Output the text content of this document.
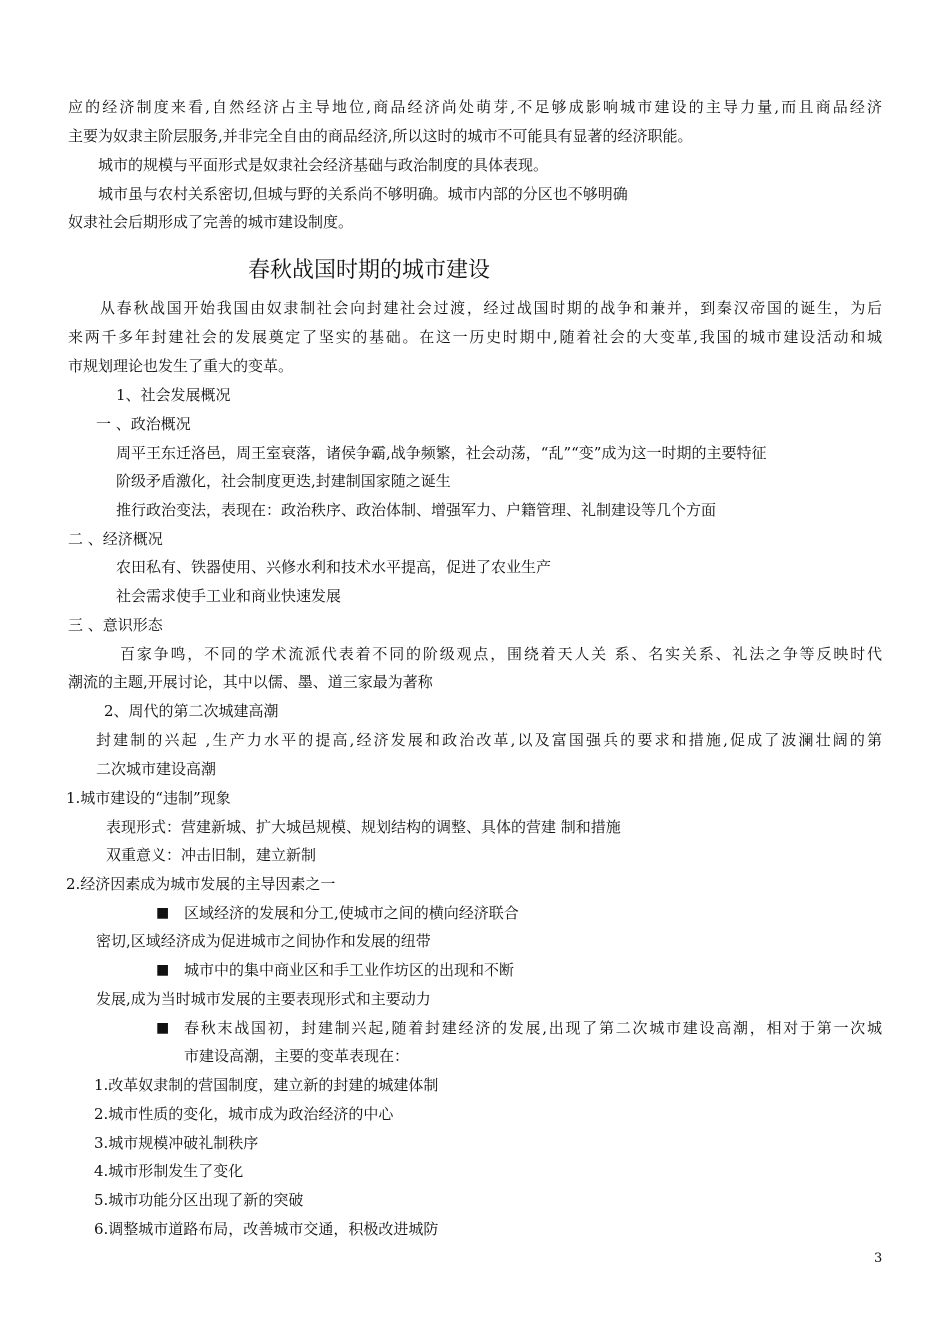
应的经济制度来看,自然经济占主导地位,商品经济尚处萌芽,不足够成影响城市建设的主导力量,而且商品经济
主要为奴隶主阶层服务,并非完全自由的商品经济,所以这时的城市不可能具有显著的经济职能。
城市的规模与平面形式是奴隶社会经济基础与政治制度的具体表现。
城市虽与农村关系密切,但城与野的关系尚不够明确。城市内部的分区也不够明确
奴隶社会后期形成了完善的城市建设制度。
春秋战国时期的城市建设
从春秋战国开始我国由奴隶制社会向封建社会过渡，经过战国时期的战争和兼并，到秦汉帝国的诞生，为后
来两千多年封建社会的发展奠定了坚实的基础。在这一历史时期中,随着社会的大变革,我国的城市建设活动和城
市规划理论也发生了重大的变革。
1、社会发展概况
一 、政治概况
周平王东迁洛邑，周王室衰落，诸侯争霸,战争频繁，社会动荡，“乱”“变”成为这一时期的主要特征
阶级矛盾激化，社会制度更迭,封建制国家随之诞生
推行政治变法，表现在：政治秩序、政治体制、增强军力、户籍管理、礼制建设等几个方面
二 、经济概况
农田私有、铁器使用、兴修水利和技术水平提高，促进了农业生产
社会需求使手工业和商业快速发展
三 、意识形态
百家争鸣，不同的学术流派代表着不同的阶级观点，围绕着天人关 系、名实关系、礼法之争等反映时代
潮流的主题,开展讨论，其中以儒、墨、道三家最为著称
2、周代的第二次城建高潮
封建制的兴起 ,生产力水平的提高,经济发展和政治改革,以及富国强兵的要求和措施,促成了波澜壮阔的第
二次城市建设高潮
1.城市建设的“违制”现象
表现形式：营建新城、扩大城邑规模、规划结构的调整、具体的营建 制和措施
双重意义：冲击旧制，建立新制
2.经济因素成为城市发展的主导因素之一
■ 区域经济的发展和分工,使城市之间的横向经济联合
密切,区域经济成为促进城市之间协作和发展的纽带
■ 城市中的集中商业区和手工业作坊区的出现和不断
发展,成为当时城市发展的主要表现形式和主要动力
■ 春秋末战国初，封建制兴起,随着封建经济的发展,出现了第二次城市建设高潮，相对于第一次城
市建设高潮，主要的变革表现在：
1.改革奴隶制的营国制度，建立新的封建的城建体制
2.城市性质的变化，城市成为政治经济的中心
3.城市规模冲破礼制秩序
4.城市形制发生了变化
5.城市功能分区出现了新的突破
6.调整城市道路布局，改善城市交通，积极改进城防
3
